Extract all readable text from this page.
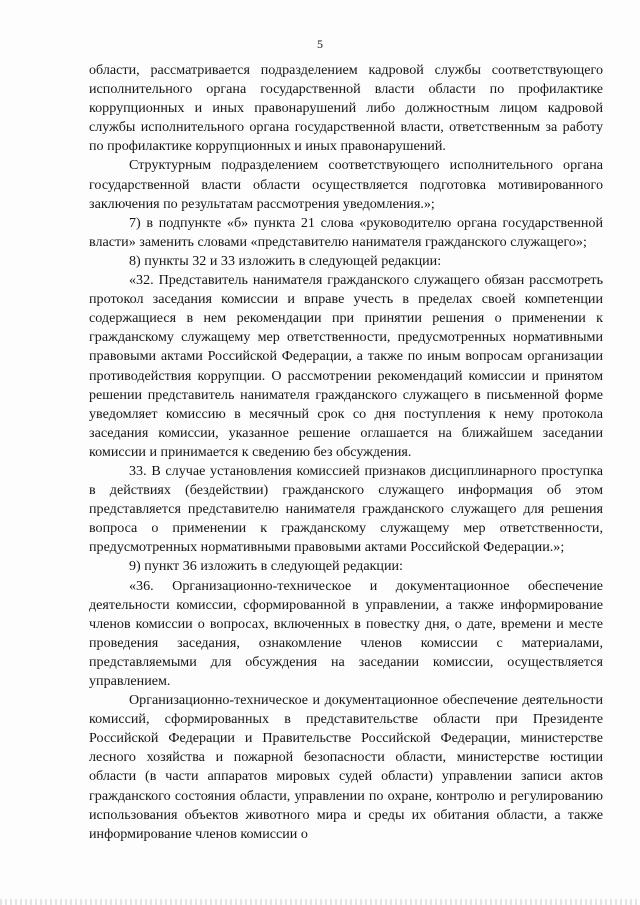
5

области, рассматривается подразделением кадровой службы соответствующего исполнительного органа государственной власти области по профилактике коррупционных и иных правонарушений либо должностным лицом кадровой службы исполнительного органа государственной власти, ответственным за работу по профилактике коррупционных и иных правонарушений.

Структурным подразделением соответствующего исполнительного органа государственной власти области осуществляется подготовка мотивированного заключения по результатам рассмотрения уведомления.»;

7) в подпункте «б» пункта 21 слова «руководителю органа государственной власти» заменить словами «представителю нанимателя гражданского служащего»;

8) пункты 32 и 33 изложить в следующей редакции:

«32. Представитель нанимателя гражданского служащего обязан рассмотреть протокол заседания комиссии и вправе учесть в пределах своей компетенции содержащиеся в нем рекомендации при принятии решения о применении к гражданскому служащему мер ответственности, предусмотренных нормативными правовыми актами Российской Федерации, а также по иным вопросам организации противодействия коррупции. О рассмотрении рекомендаций комиссии и принятом решении представитель нанимателя гражданского служащего в письменной форме уведомляет комиссию в месячный срок со дня поступления к нему протокола заседания комиссии, указанное решение оглашается на ближайшем заседании комиссии и принимается к сведению без обсуждения.

33. В случае установления комиссией признаков дисциплинарного проступка в действиях (бездействии) гражданского служащего информация об этом представляется представителю нанимателя гражданского служащего для решения вопроса о применении к гражданскому служащему мер ответственности, предусмотренных нормативными правовыми актами Российской Федерации.»;

9) пункт 36 изложить в следующей редакции:

«36. Организационно-техническое и документационное обеспечение деятельности комиссии, сформированной в управлении, а также информирование членов комиссии о вопросах, включенных в повестку дня, о дате, времени и месте проведения заседания, ознакомление членов комиссии с материалами, представляемыми для обсуждения на заседании комиссии, осуществляется управлением.

Организационно-техническое и документационное обеспечение деятельности комиссий, сформированных в представительстве области при Президенте Российской Федерации и Правительстве Российской Федерации, министерстве лесного хозяйства и пожарной безопасности области, министерстве юстиции области (в части аппаратов мировых судей области) управлении записи актов гражданского состояния области, управлении по охране, контролю и регулированию использования объектов животного мира и среды их обитания области, а также информирование членов комиссии о
